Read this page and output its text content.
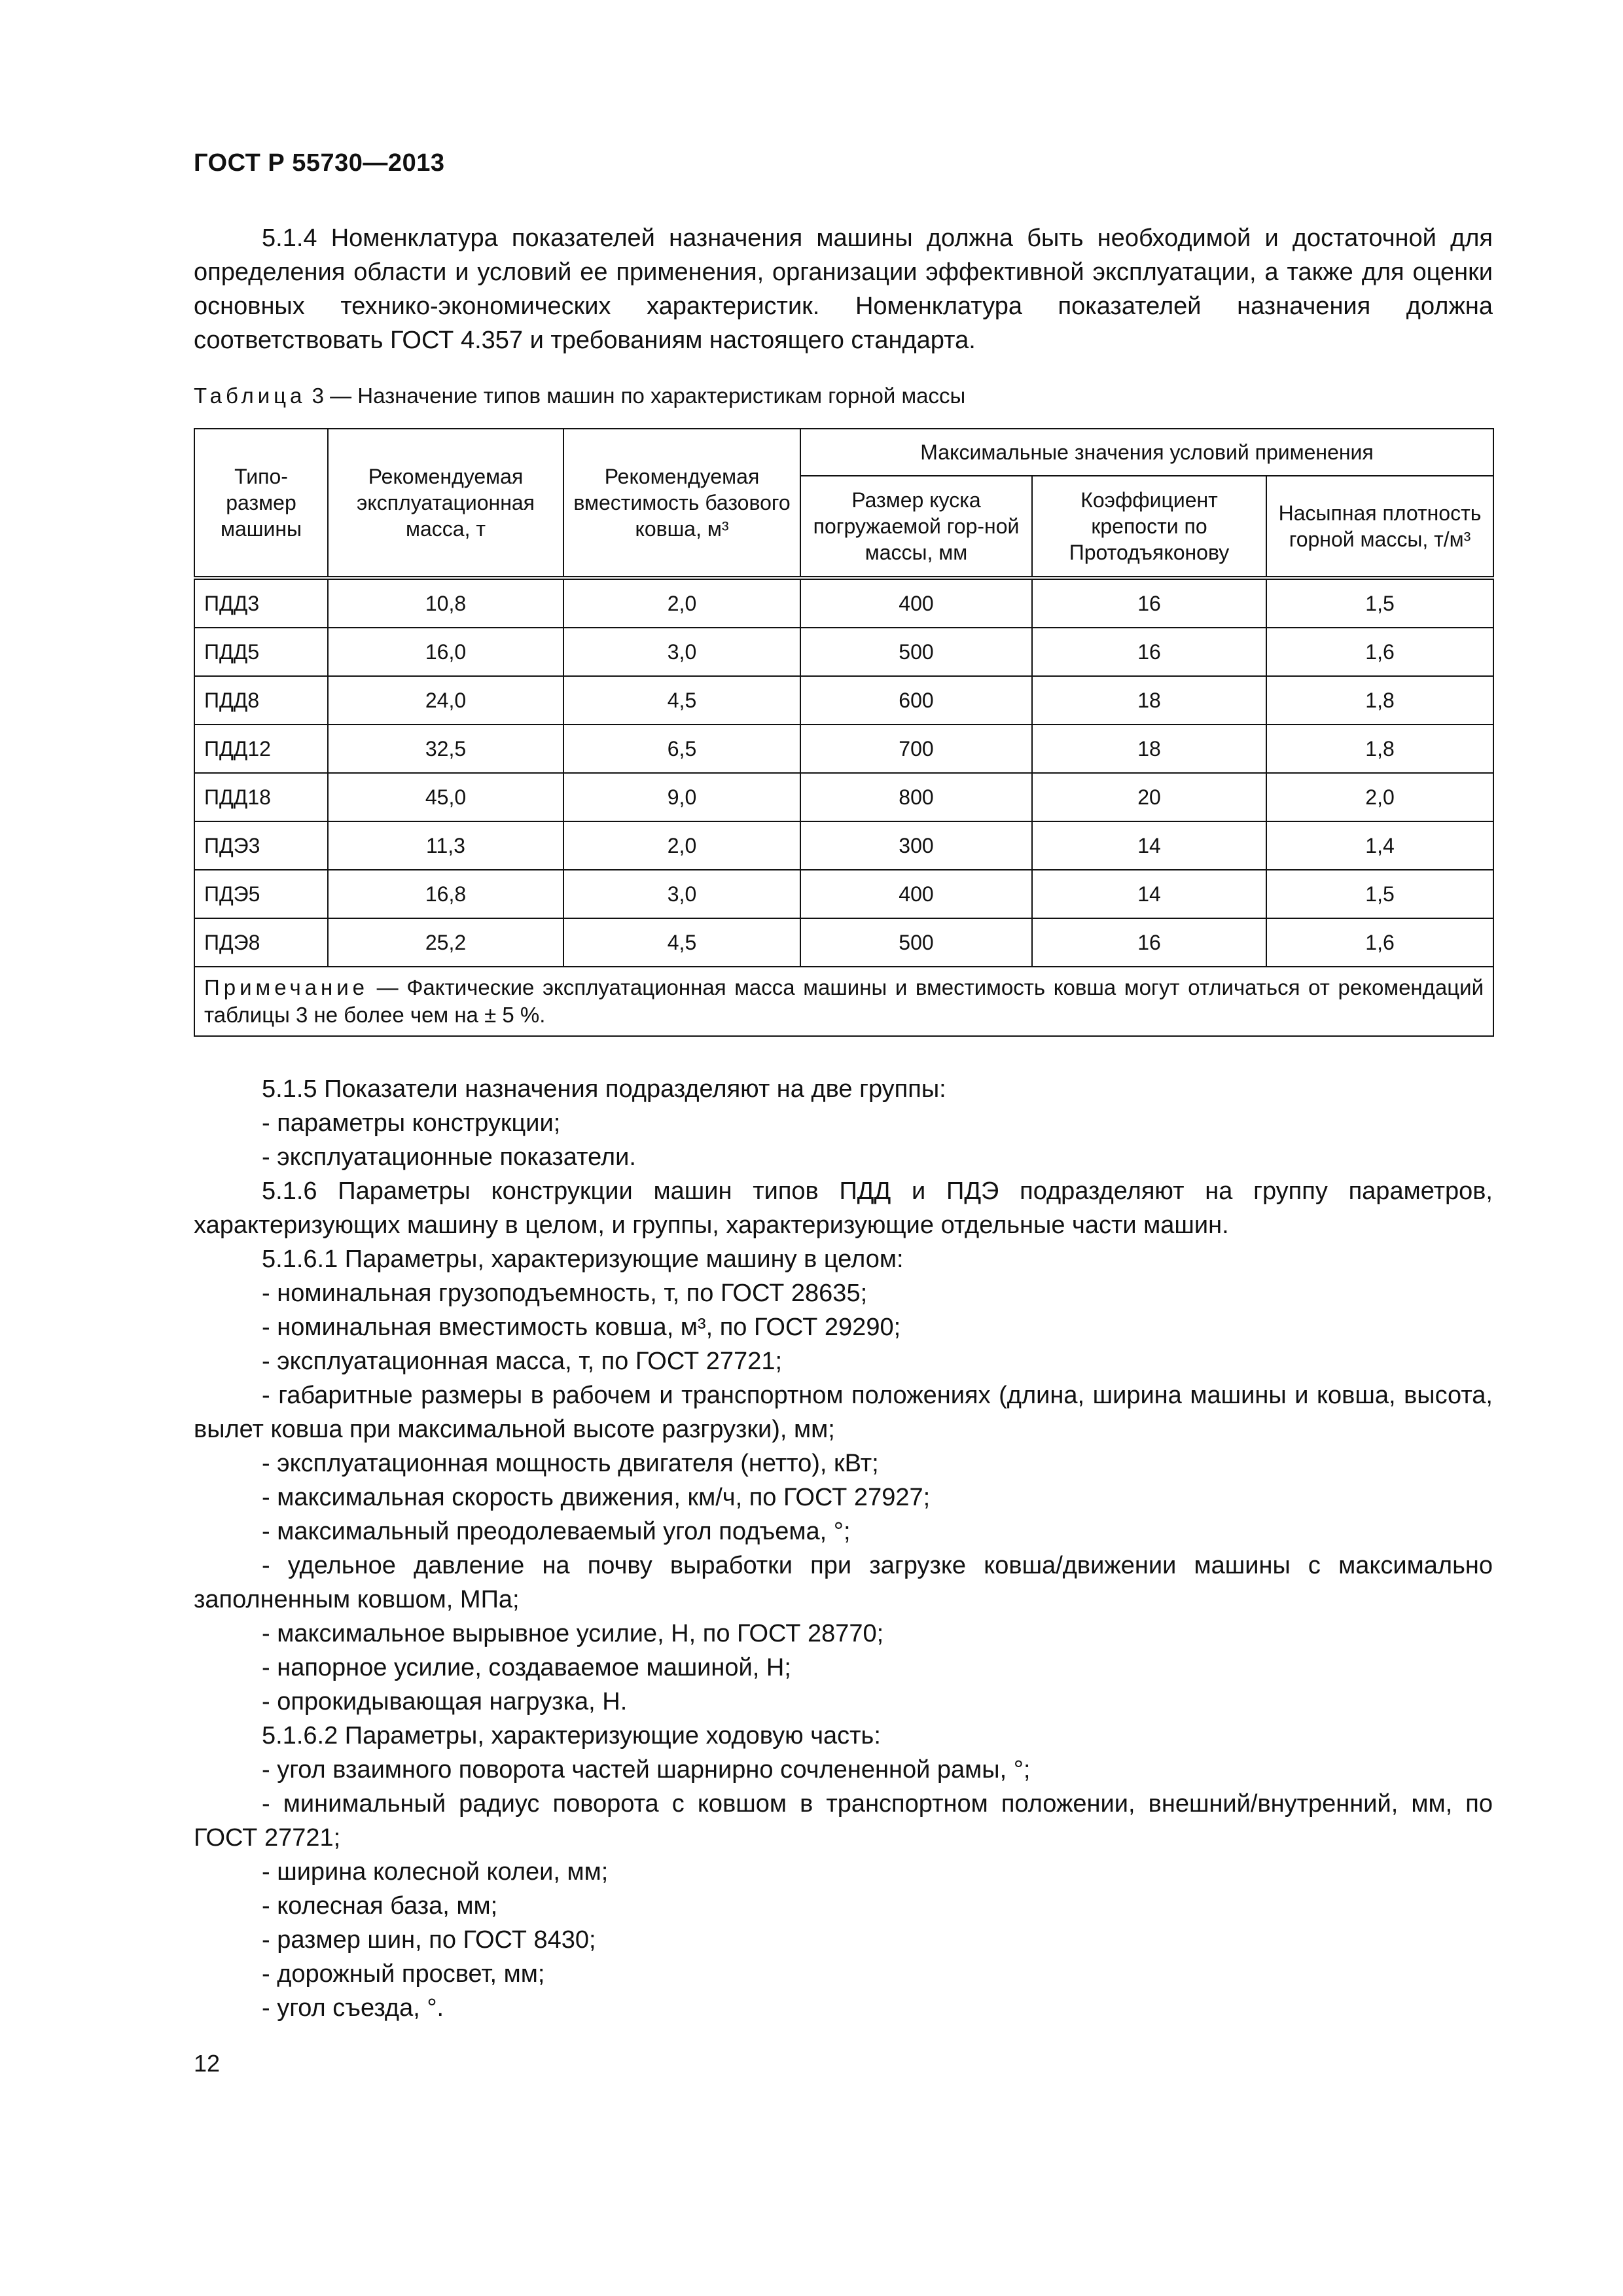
ГОСТ Р 55730—2013
5.1.4 Номенклатура показателей назначения машины должна быть необходимой и достаточной для определения области и условий ее применения, организации эффективной эксплуатации, а также для оценки основных технико-экономических характеристик. Номенклатура показателей назначения должна соответствовать ГОСТ 4.357 и требованиям настоящего стандарта.
Таблица 3 — Назначение типов машин по характеристикам горной массы
Типо-размер машины	Рекомендуемая эксплуатационная масса, т	Рекомендуемая вместимость базового ковша, м³	Максимальные значения условий применения		
			Размер куска погружаемой гор-ной массы, мм	Коэффициент крепости по Протодъяконову	Насыпная плотность горной массы, т/м³
ПДД3	10,8	2,0	400	16	1,5
ПДД5	16,0	3,0	500	16	1,6
ПДД8	24,0	4,5	600	18	1,8
ПДД12	32,5	6,5	700	18	1,8
ПДД18	45,0	9,0	800	20	2,0
ПДЭ3	11,3	2,0	300	14	1,4
ПДЭ5	16,8	3,0	400	14	1,5
ПДЭ8	25,2	4,5	500	16	1,6
Примечание — Фактические эксплуатационная масса машины и вместимость ковша могут отличаться от рекомендаций таблицы 3 не более чем на ± 5 %.					
5.1.5 Показатели назначения подразделяют на две группы:
- параметры конструкции;
- эксплуатационные показатели.
5.1.6 Параметры конструкции машин типов ПДД и ПДЭ подразделяют на группу параметров, характеризующих машину в целом, и группы, характеризующие отдельные части машин.
5.1.6.1 Параметры, характеризующие машину в целом:
- номинальная грузоподъемность, т, по ГОСТ 28635;
- номинальная вместимость ковша, м³, по ГОСТ 29290;
- эксплуатационная масса, т, по ГОСТ 27721;
- габаритные размеры в рабочем и транспортном положениях (длина, ширина машины и ковша, высота, вылет ковша при максимальной высоте разгрузки), мм;
- эксплуатационная мощность двигателя (нетто), кВт;
- максимальная скорость движения, км/ч, по ГОСТ 27927;
- максимальный преодолеваемый угол подъема, °;
- удельное давление на почву выработки при загрузке ковша/движении машины с максимально заполненным ковшом, МПа;
- максимальное вырывное усилие, Н, по ГОСТ 28770;
- напорное усилие, создаваемое машиной, Н;
- опрокидывающая нагрузка, Н.
5.1.6.2 Параметры, характеризующие ходовую часть:
- угол взаимного поворота частей шарнирно сочлененной рамы, °;
- минимальный радиус поворота с ковшом в транспортном положении, внешний/внутренний, мм, по ГОСТ 27721;
- ширина колесной колеи, мм;
- колесная база, мм;
- размер шин, по ГОСТ 8430;
- дорожный просвет, мм;
- угол съезда, °.
12
